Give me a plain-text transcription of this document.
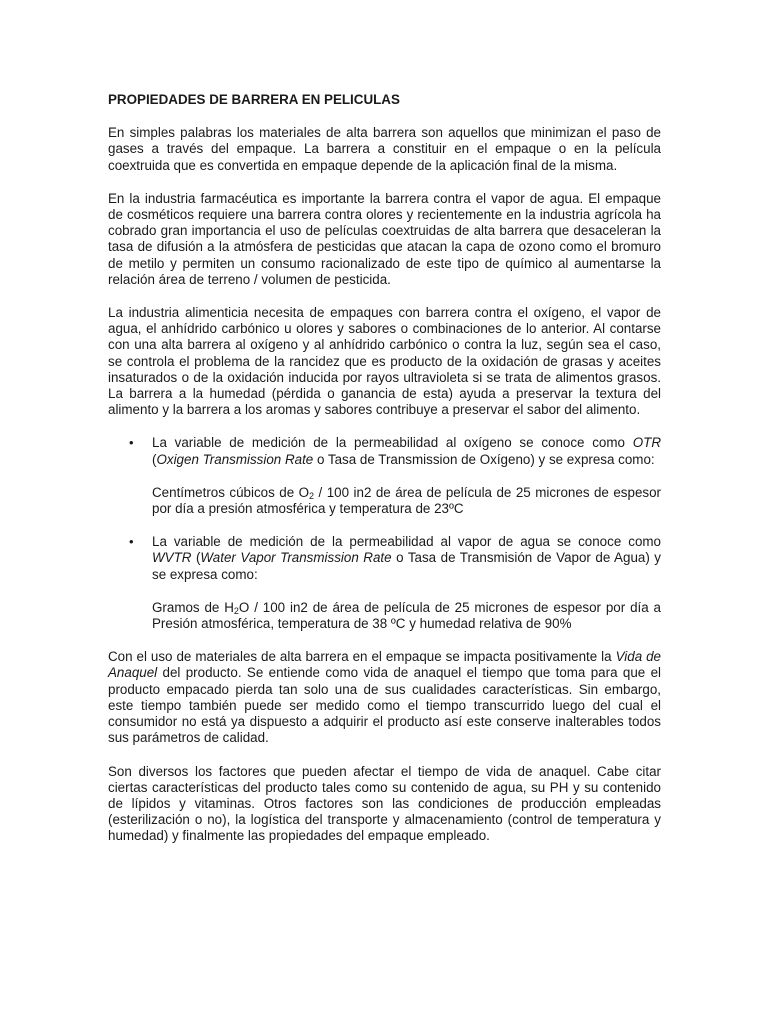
PROPIEDADES DE BARRERA EN PELICULAS

En simples palabras los materiales de alta barrera son aquellos que minimizan el paso de gases a través del empaque. La barrera a constituir en el empaque o en la película coextruida que es convertida en empaque depende de la aplicación final de la misma.

En la industria farmacéutica es importante la barrera contra el vapor de agua. El empaque de cosméticos requiere una barrera contra olores y recientemente en la industria agrícola ha cobrado gran importancia el uso de películas coextruidas de alta barrera que desaceleran la tasa de difusión a la atmósfera de pesticidas que atacan la capa de ozono como el bromuro de metilo y permiten un consumo racionalizado de este tipo de químico al aumentarse la relación área de terreno / volumen de pesticida.

La industria alimenticia necesita de empaques con barrera contra el oxígeno, el vapor de agua, el anhídrido carbónico u olores y sabores o combinaciones de lo anterior. Al contarse con una alta barrera al oxígeno y al anhídrido carbónico o contra la luz, según sea el caso, se controla el problema de la rancidez que es producto de la oxidación de grasas y aceites insaturados o de la oxidación inducida por rayos ultravioleta si se trata de alimentos grasos. La barrera a la humedad (pérdida o ganancia de esta) ayuda a preservar la textura del alimento y la barrera a los aromas y sabores contribuye a preservar el sabor del alimento.

• La variable de medición de la permeabilidad al oxígeno se conoce como OTR (Oxigen Transmission Rate o Tasa de Transmission de Oxígeno) y se expresa como:

Centímetros cúbicos de $O_2 / 100$ in2 de área de película de 25 micrones de espesor por día a presión atmosférica y temperatura de 23ºC

• La variable de medición de la permeabilidad al vapor de agua se conoce como WVTR (Water Vapor Transmission Rate o Tasa de Transmisión de Vapor de Agua) y se expresa como:

Gramos de $H_2O / 100$ in2 de área de película de 25 micrones de espesor por día a Presión atmosférica, temperatura de 38 ºC y humedad relativa de 90%

Con el uso de materiales de alta barrera en el empaque se impacta positivamente la Vida de Anaquel del producto. Se entiende como vida de anaquel el tiempo que toma para que el producto empacado pierda tan solo una de sus cualidades características. Sin embargo, este tiempo también puede ser medido como el tiempo transcurrido luego del cual el consumidor no está ya dispuesto a adquirir el producto así este conserve inalterables todos sus parámetros de calidad.

Son diversos los factores que pueden afectar el tiempo de vida de anaquel. Cabe citar ciertas características del producto tales como su contenido de agua, su PH y su contenido de lípidos y vitaminas. Otros factores son las condiciones de producción empleadas (esterilización o no), la logística del transporte y almacenamiento (control de temperatura y humedad) y finalmente las propiedades del empaque empleado.
